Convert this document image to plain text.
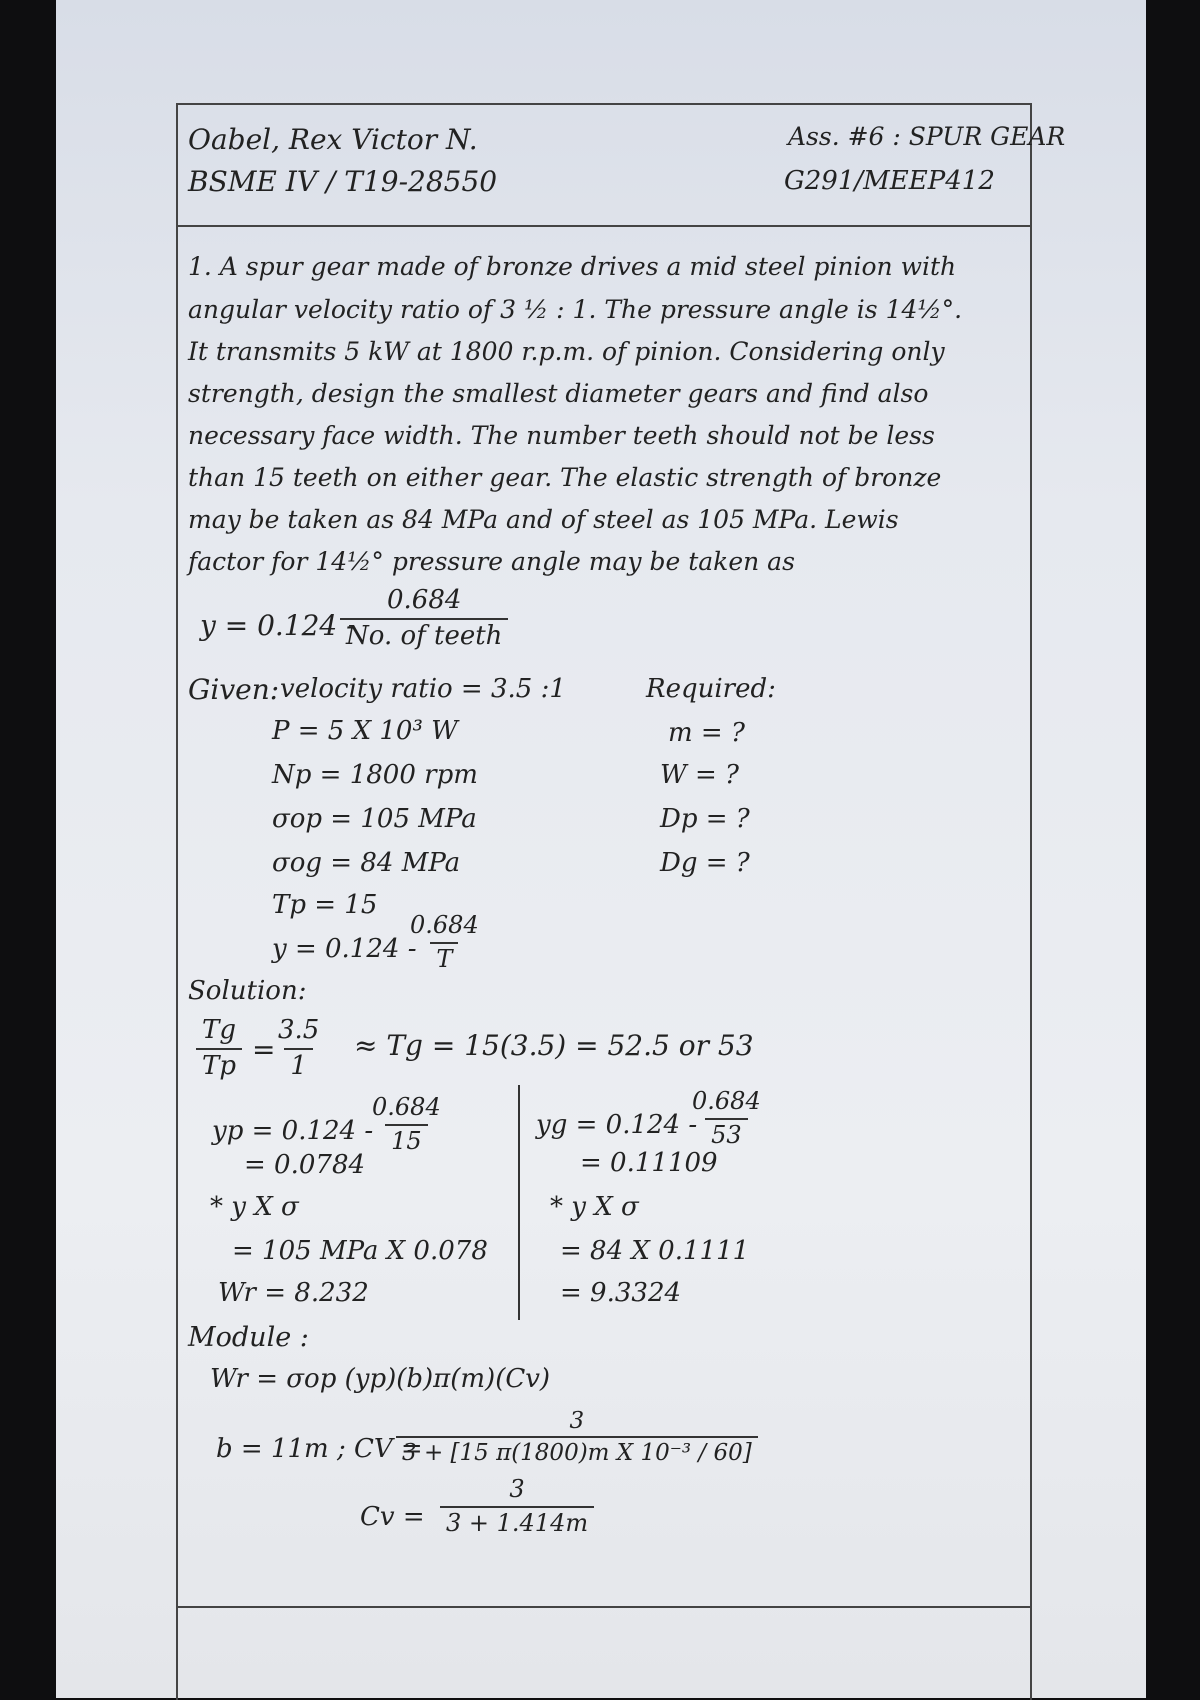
Oabel, Rex Victor N.
BSME IV / T19-28550
Ass. #6 : SPUR GEAR
G291/MEEP412
1. A spur gear made of bronze drives a mid steel pinion with
angular velocity ratio of 3 ½ : 1. The pressure angle is 14½°.
It transmits 5 kW at 1800 r.p.m. of pinion. Considering only
strength, design the smallest diameter gears and find also
necessary face width. The number teeth should not be less
than 15 teeth on either gear. The elastic strength of bronze
may be taken as 84 MPa and of steel as 105 MPa. Lewis
factor for 14½° pressure angle may be taken as
y = 0.124 -
0.684
No. of teeth
Given: velocity ratio = 3.5 :1
P = 5 X 10³ W
Np = 1800 rpm
σop = 105 MPa
σog = 84 MPa
Tp = 15
y = 0.124 -
$\frac{0.684}{T}$
Required:
m = ?
W = ?
Dp = ?
Dg = ?
Solution:
$\frac{Tg}{Tp}$ =
$\frac{3.5}{1} \approx Tg = 15(3.5) = 52.5$ or 53
yp = 0.124 -
$\frac{0.684}{15}$
= 0.0784
* y X σ
= 105 MPa X 0.078
Wr = 8.232
yg = 0.124 -
$\frac{0.684}{53}$
= 0.11109
* y X σ
= 84 X 0.1111
= 9.3324
Module :
Wr = σop (yp)(b)π(m)(Cv)
b = 11m ; CV =
$\frac{3}{\text{3 + [15 π(1800)m X 10⁻³ / 60]}}$
$Cv = \frac{3}{3 + 1.414m}$
